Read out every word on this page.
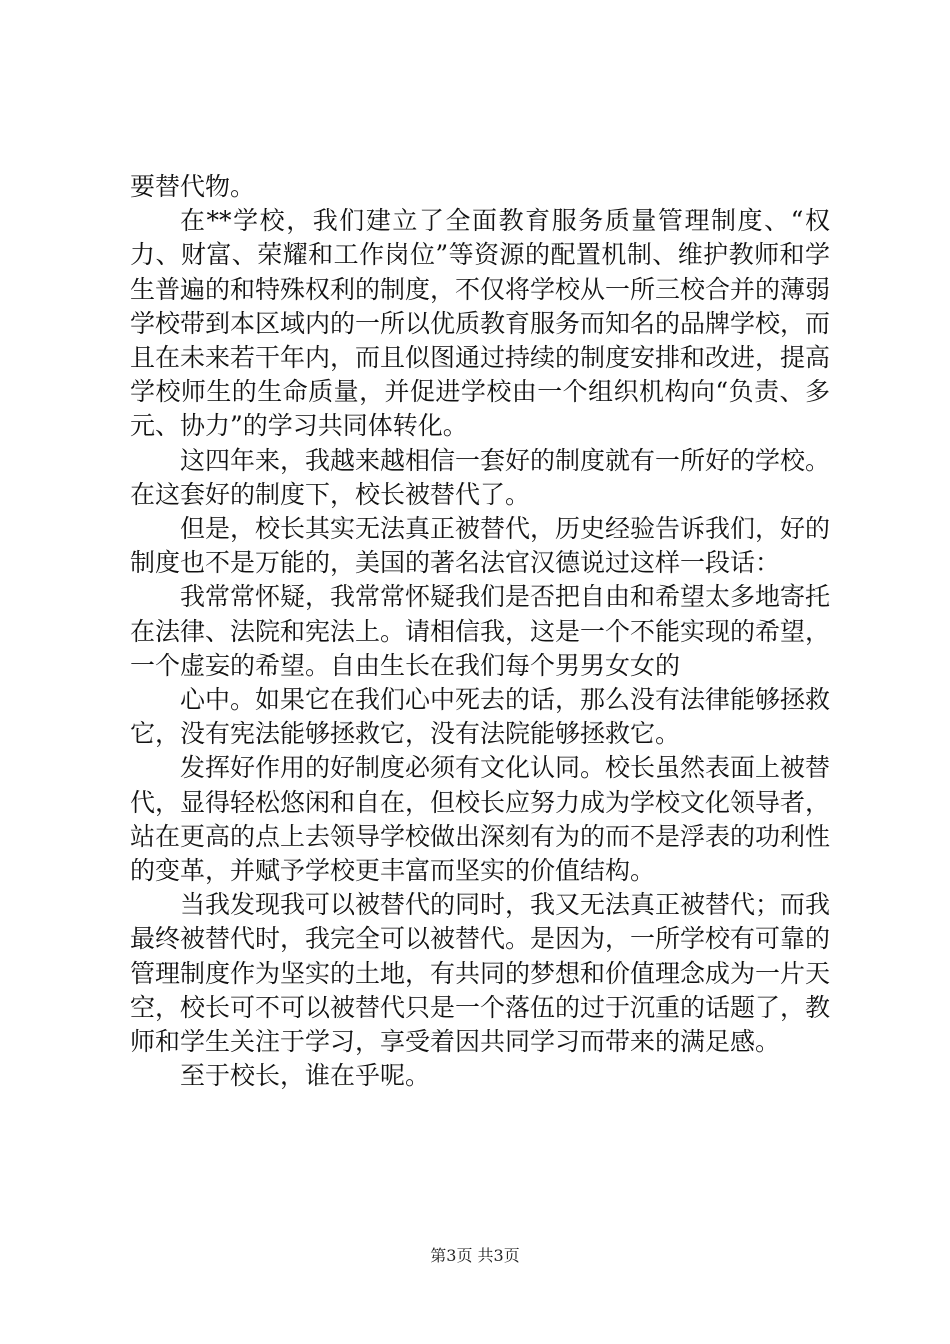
要替代物。

在**学校，我们建立了全面教育服务质量管理制度、“权力、财富、荣耀和工作岗位”等资源的配置机制、维护教师和学生普遍的和特殊权利的制度，不仅将学校从一所三校合并的薄弱学校带到本区域内的一所以优质教育服务而知名的品牌学校，而且在未来若干年内，而且似图通过持续的制度安排和改进，提高学校师生的生命质量，并促进学校由一个组织机构向“负责、多元、协力”的学习共同体转化。

这四年来，我越来越相信一套好的制度就有一所好的学校。在这套好的制度下，校长被替代了。

但是，校长其实无法真正被替代，历史经验告诉我们，好的制度也不是万能的，美国的著名法官汉德说过这样一段话：

我常常怀疑，我常常怀疑我们是否把自由和希望太多地寄托在法律、法院和宪法上。请相信我，这是一个不能实现的希望，一个虚妄的希望。自由生长在我们每个男男女女的

心中。如果它在我们心中死去的话，那么没有法律能够拯救它，没有宪法能够拯救它，没有法院能够拯救它。

发挥好作用的好制度必须有文化认同。校长虽然表面上被替代，显得轻松悠闲和自在，但校长应努力成为学校文化领导者，站在更高的点上去领导学校做出深刻有为的而不是浮表的功利性的变革，并赋予学校更丰富而坚实的价值结构。

当我发现我可以被替代的同时，我又无法真正被替代；而我最终被替代时，我完全可以被替代。是因为，一所学校有可靠的管理制度作为坚实的土地，有共同的梦想和价值理念成为一片天空，校长可不可以被替代只是一个落伍的过于沉重的话题了，教师和学生关注于学习，享受着因共同学习而带来的满足感。

至于校长，谁在乎呢。

第3页 共3页
